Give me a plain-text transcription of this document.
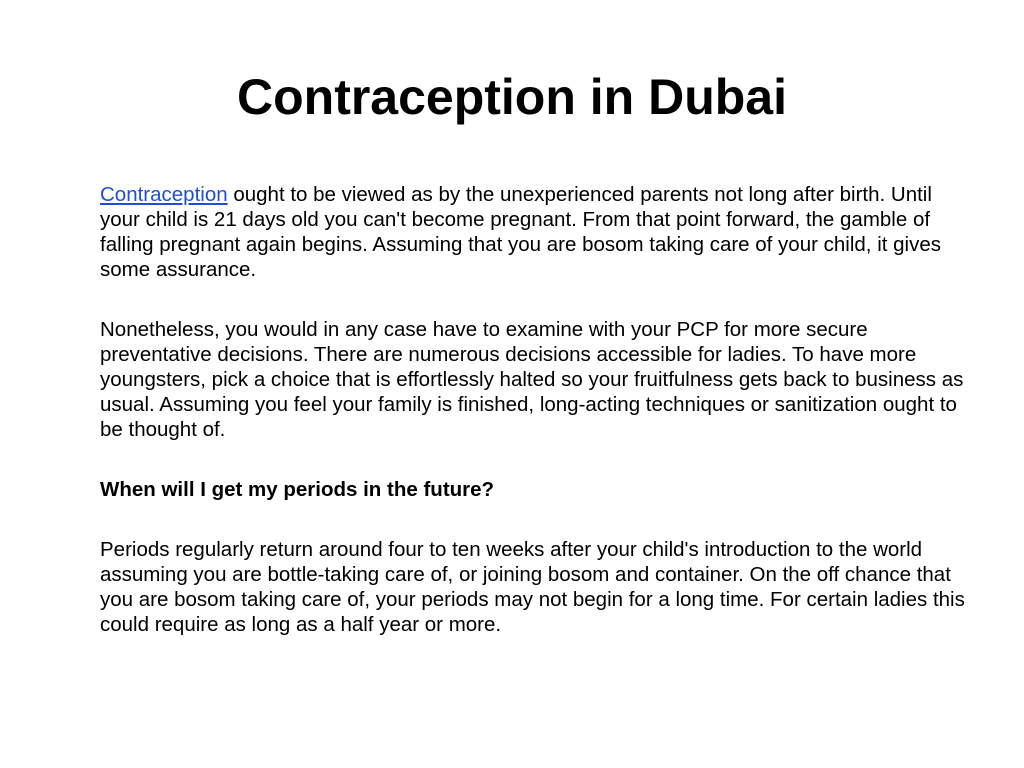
Contraception in Dubai

Contraception ought to be viewed as by the unexperienced parents not long after birth. Until your child is 21 days old you can't become pregnant. From that point forward, the gamble of falling pregnant again begins. Assuming that you are bosom taking care of your child, it gives some assurance.

Nonetheless, you would in any case have to examine with your PCP for more secure preventative decisions. There are numerous decisions accessible for ladies. To have more youngsters, pick a choice that is effortlessly halted so your fruitfulness gets back to business as usual. Assuming you feel your family is finished, long-acting techniques or sanitization ought to be thought of.

When will I get my periods in the future?

Periods regularly return around four to ten weeks after your child's introduction to the world assuming you are bottle-taking care of, or joining bosom and container. On the off chance that you are bosom taking care of, your periods may not begin for a long time. For certain ladies this could require as long as a half year or more.
